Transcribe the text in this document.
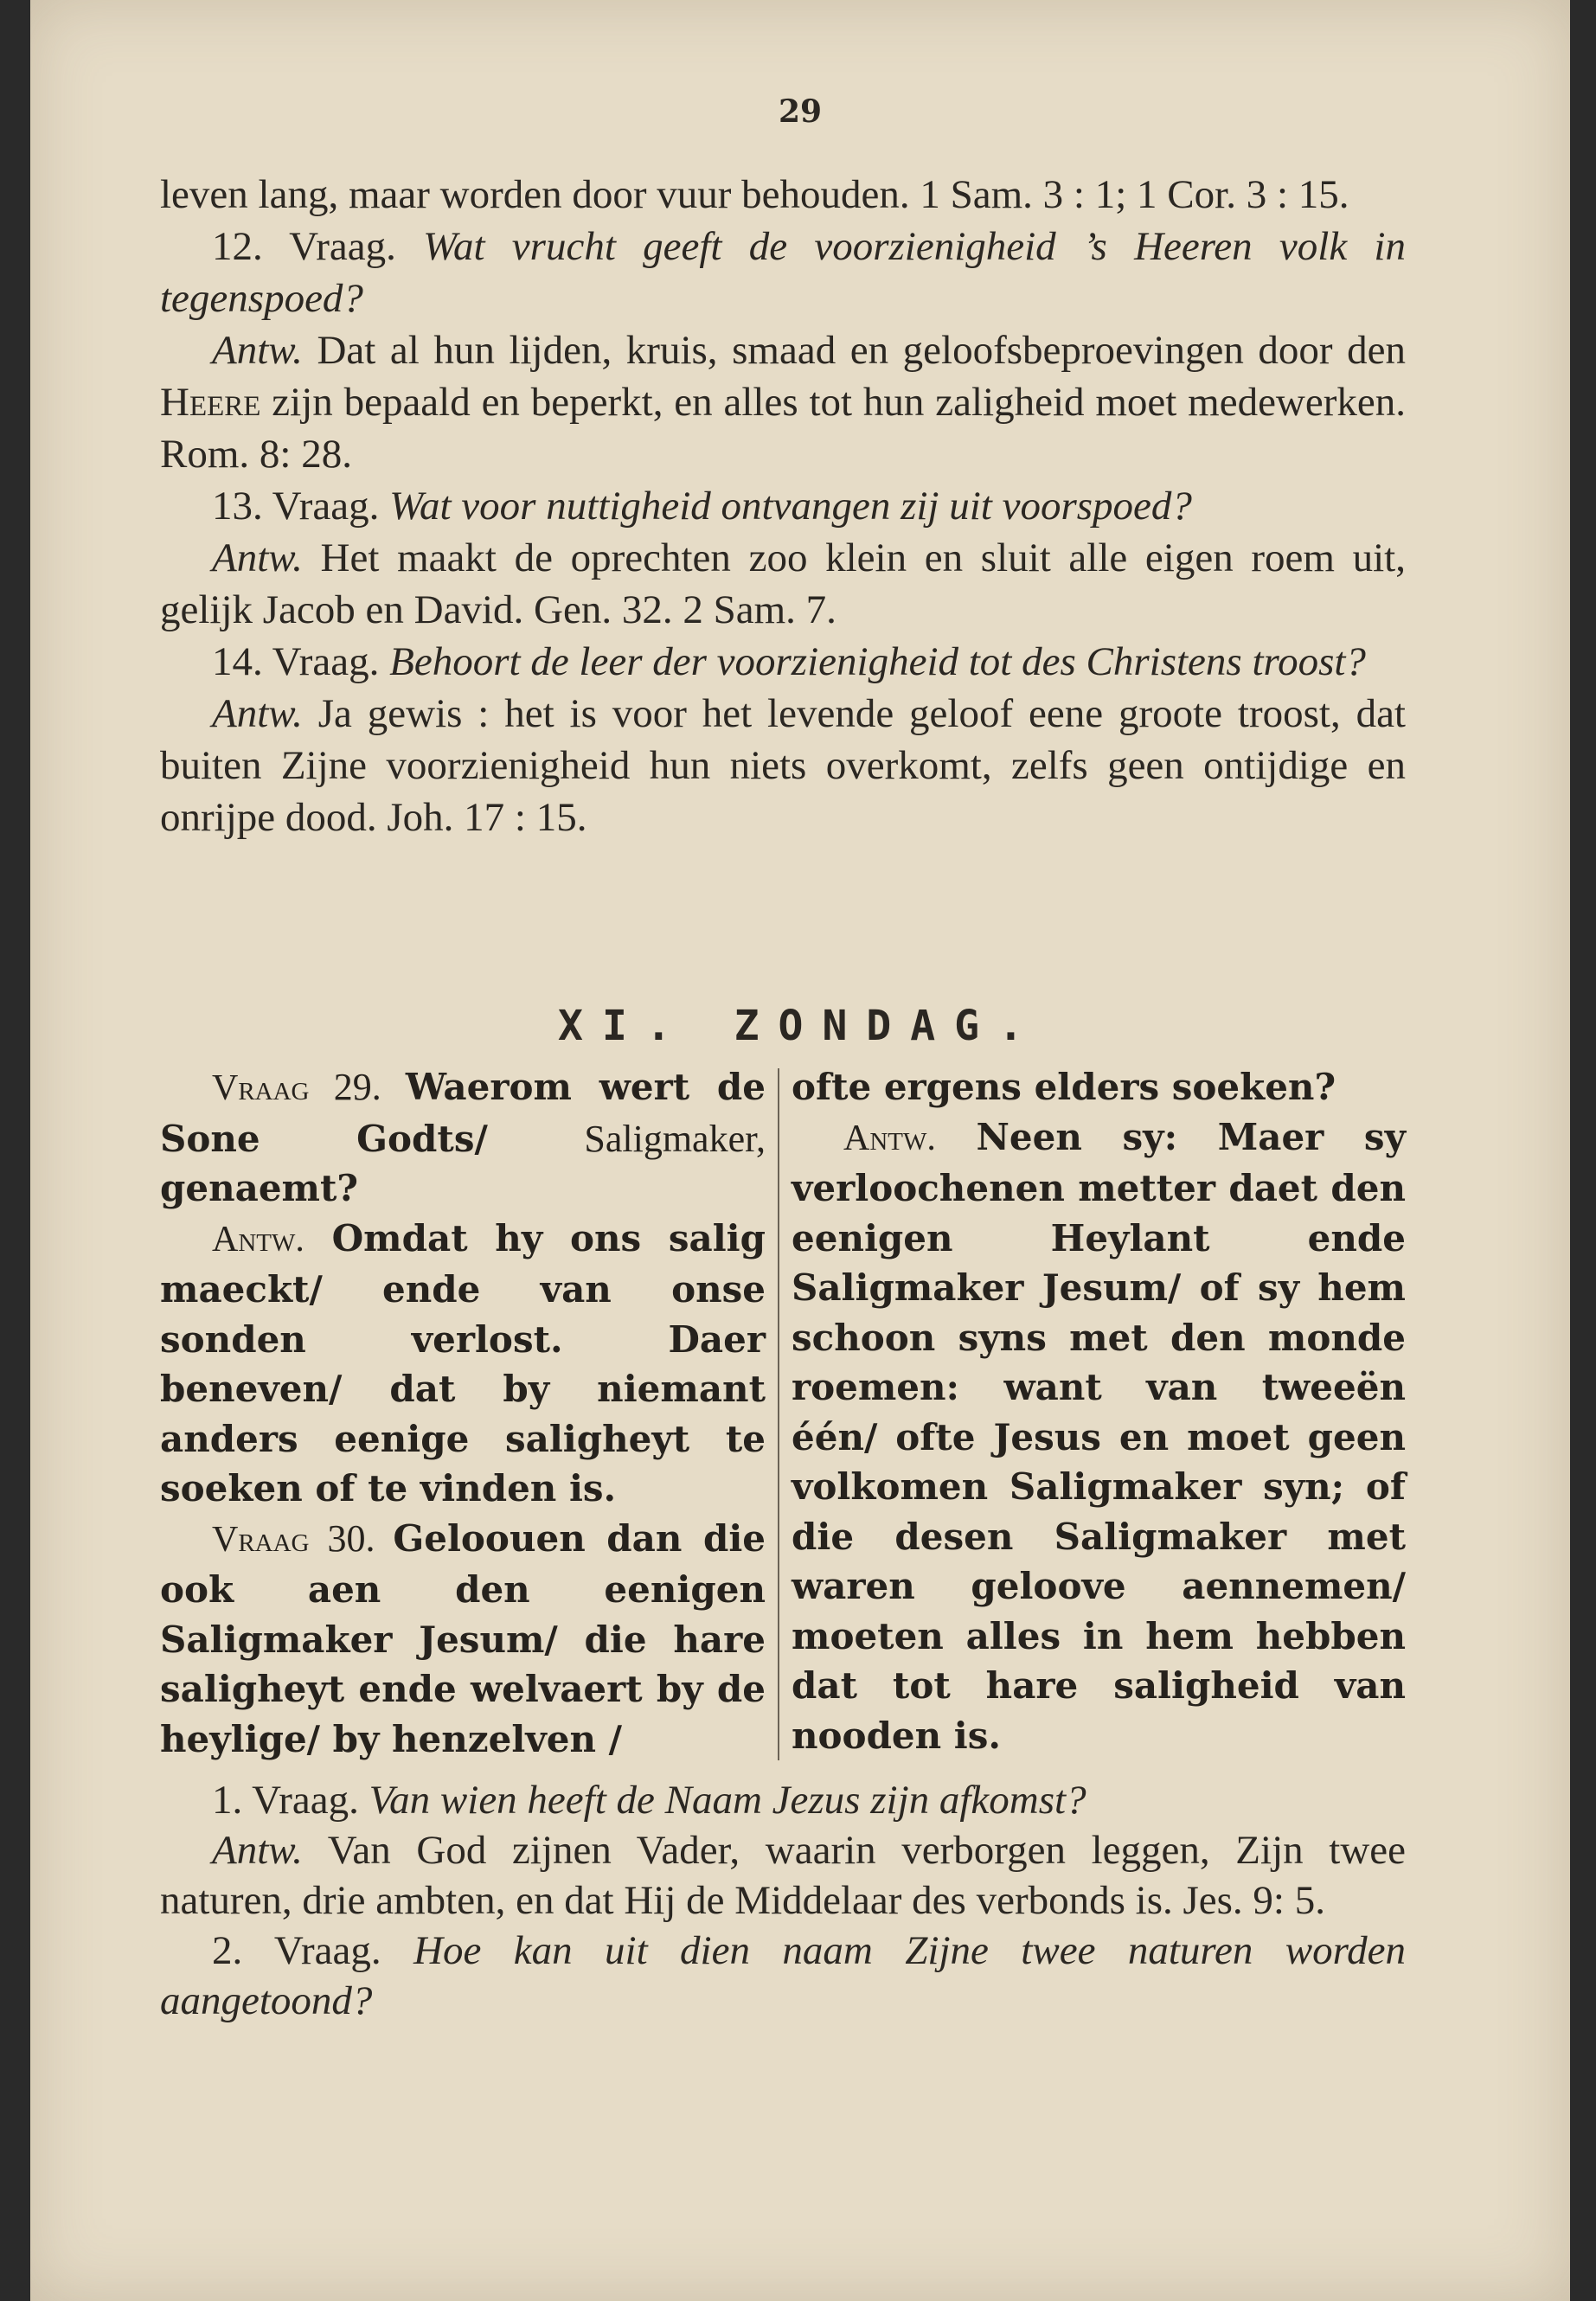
29

leven lang, maar worden door vuur behouden. 1 Sam. 3 : 1; 1 Cor. 3 : 15.

12. Vraag. Wat vrucht geeft de voorzienigheid ’s Heeren volk in tegenspoed?

Antw. Dat al hun lijden, kruis, smaad en geloofsbeproevingen door den Heere zijn bepaald en beperkt, en alles tot hun zaligheid moet medewerken. Rom. 8: 28.

13. Vraag. Wat voor nuttigheid ontvangen zij uit voorspoed?

Antw. Het maakt de oprechten zoo klein en sluit alle eigen roem uit, gelijk Jacob en David. Gen. 32. 2 Sam. 7.

14. Vraag. Behoort de leer der voorzienigheid tot des Christens troost?

Antw. Ja gewis : het is voor het levende geloof eene groote troost, dat buiten Zijne voorzienigheid hun niets overkomt, zelfs geen ontijdige en onrijpe dood. Joh. 17 : 15.

XI. ZONDAG.

Vraag 29. Waerom wert de Sone Godts/ Saligmaker, genaemt?

Antw. Omdat hy ons salig maeckt/ ende van onse sonden verlost. Daer beneven/ dat by niemant anders eenige saligheyt te soeken of te vinden is.

Vraag 30. Geloouen dan die ook aen den eenigen Saligmaker Jesum/ die hare saligheyt ende welvaert by de heylige/ by henzelven /

ofte ergens elders soeken?

Antw. Neen sy: Maer sy verloochenen metter daet den eenigen Heylant ende Saligmaker Jesum/ of sy hem schoon syns met den monde roemen: want van tweeën één/ ofte Jesus en moet geen volkomen Saligmaker syn; of die desen Saligmaker met waren geloove aennemen/ moeten alles in hem hebben dat tot hare saligheid van nooden is.

1. Vraag. Van wien heeft de Naam Jezus zijn afkomst?

Antw. Van God zijnen Vader, waarin verborgen leggen, Zijn twee naturen, drie ambten, en dat Hij de Middelaar des verbonds is. Jes. 9: 5.

2. Vraag. Hoe kan uit dien naam Zijne twee naturen worden aangetoond?
